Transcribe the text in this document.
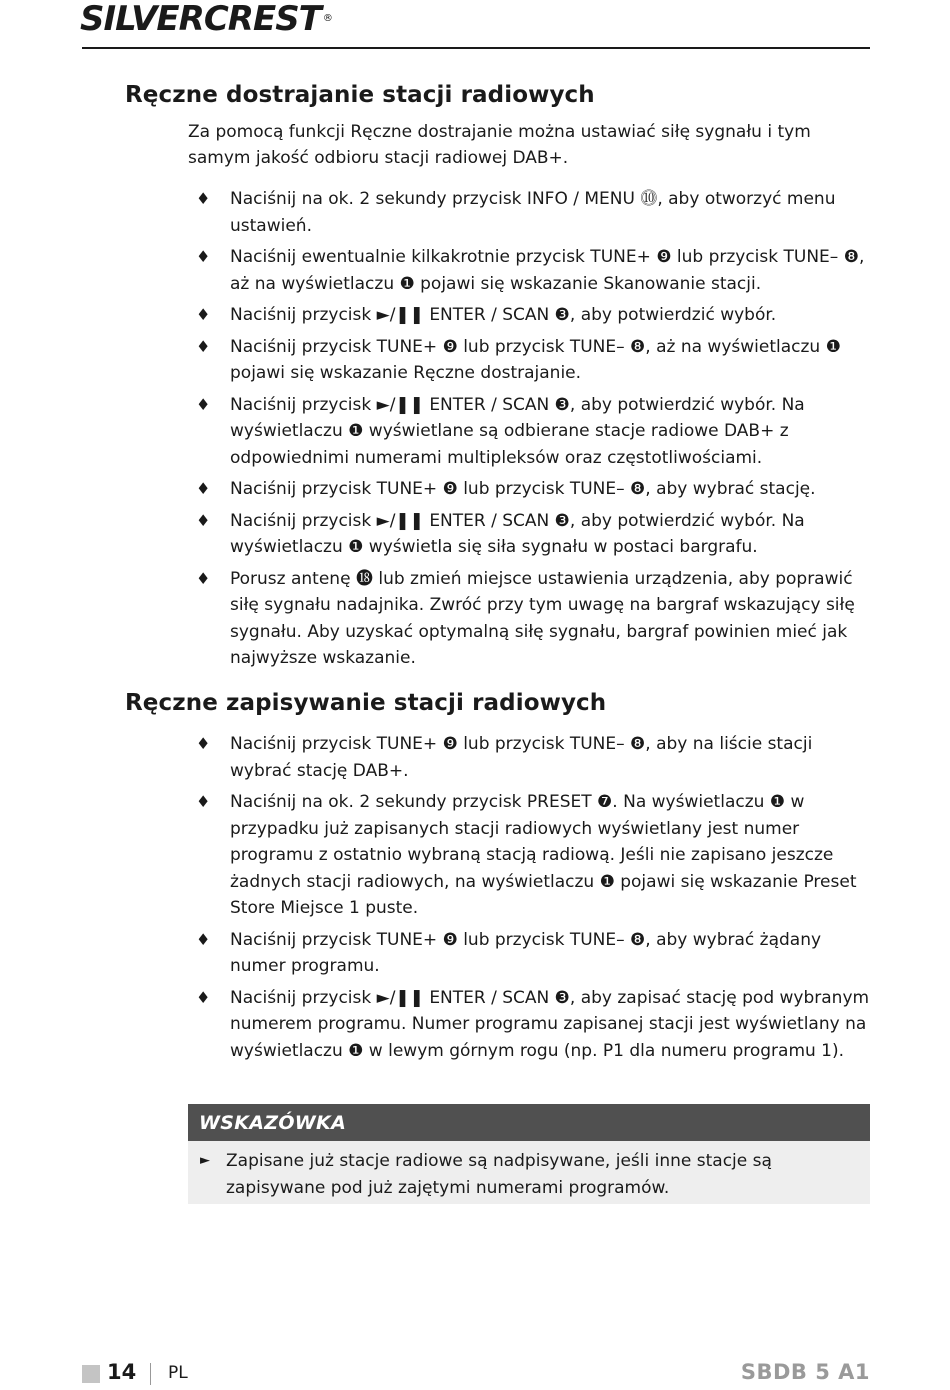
SILVERCREST ®
Ręczne dostrajanie stacji radiowych

Za pomocą funkcji Ręczne dostrajanie można ustawiać siłę sygnału i tym samym jakość odbioru stacji radiowej DAB+.

♦ Naciśnij na ok. 2 sekundy przycisk INFO / MENU ⓾, aby otworzyć menu ustawień.
♦ Naciśnij ewentualnie kilkakrotnie przycisk TUNE+ ❾ lub przycisk TUNE– ❽, aż na wyświetlaczu ❶ pojawi się wskazanie Skanowanie stacji.
♦ Naciśnij przycisk ►/❚❚ ENTER / SCAN ❸, aby potwierdzić wybór.
♦ Naciśnij przycisk TUNE+ ❾ lub przycisk TUNE– ❽, aż na wyświetlaczu ❶ pojawi się wskazanie Ręczne dostrajanie.
♦ Naciśnij przycisk ►/❚❚ ENTER / SCAN ❸, aby potwierdzić wybór. Na wyświetlaczu ❶ wyświetlane są odbierane stacje radiowe DAB+ z odpowiednimi numerami multipleksów oraz częstotliwościami.
♦ Naciśnij przycisk TUNE+ ❾ lub przycisk TUNE– ❽, aby wybrać stację.
♦ Naciśnij przycisk ►/❚❚ ENTER / SCAN ❸, aby potwierdzić wybór. Na wyświetlaczu ❶ wyświetla się siła sygnału w postaci bargrafu.
♦ Porusz antenę ⓲ lub zmień miejsce ustawienia urządzenia, aby poprawić siłę sygnału nadajnika. Zwróć przy tym uwagę na bargraf wskazujący siłę sygnału. Aby uzyskać optymalną siłę sygnału, bargraf powinien mieć jak najwyższe wskazanie.
Ręczne zapisywanie stacji radiowych
♦ Naciśnij przycisk TUNE+ ❾ lub przycisk TUNE– ❽, aby na liście stacji wybrać stację DAB+.
♦ Naciśnij na ok. 2 sekundy przycisk PRESET ❼. Na wyświetlaczu ❶ w przypadku już zapisanych stacji radiowych wyświetlany jest numer programu z ostatnio wybraną stacją radiową. Jeśli nie zapisano jeszcze żadnych stacji radiowych, na wyświetlaczu ❶ pojawi się wskazanie Preset Store Miejsce 1 puste.
♦ Naciśnij przycisk TUNE+ ❾ lub przycisk TUNE– ❽, aby wybrać żądany numer programu.
♦ Naciśnij przycisk ►/❚❚ ENTER / SCAN ❸, aby zapisać stację pod wybranym numerem programu. Numer programu zapisanej stacji jest wyświetlany na wyświetlaczu ❶ w lewym górnym rogu (np. P1 dla numeru programu 1).
WSKAZÓWKA
► Zapisane już stacje radiowe są nadpisywane, jeśli inne stacje są zapisywane pod już zajętymi numerami programów.
14 PL	SBDB 5 A1
